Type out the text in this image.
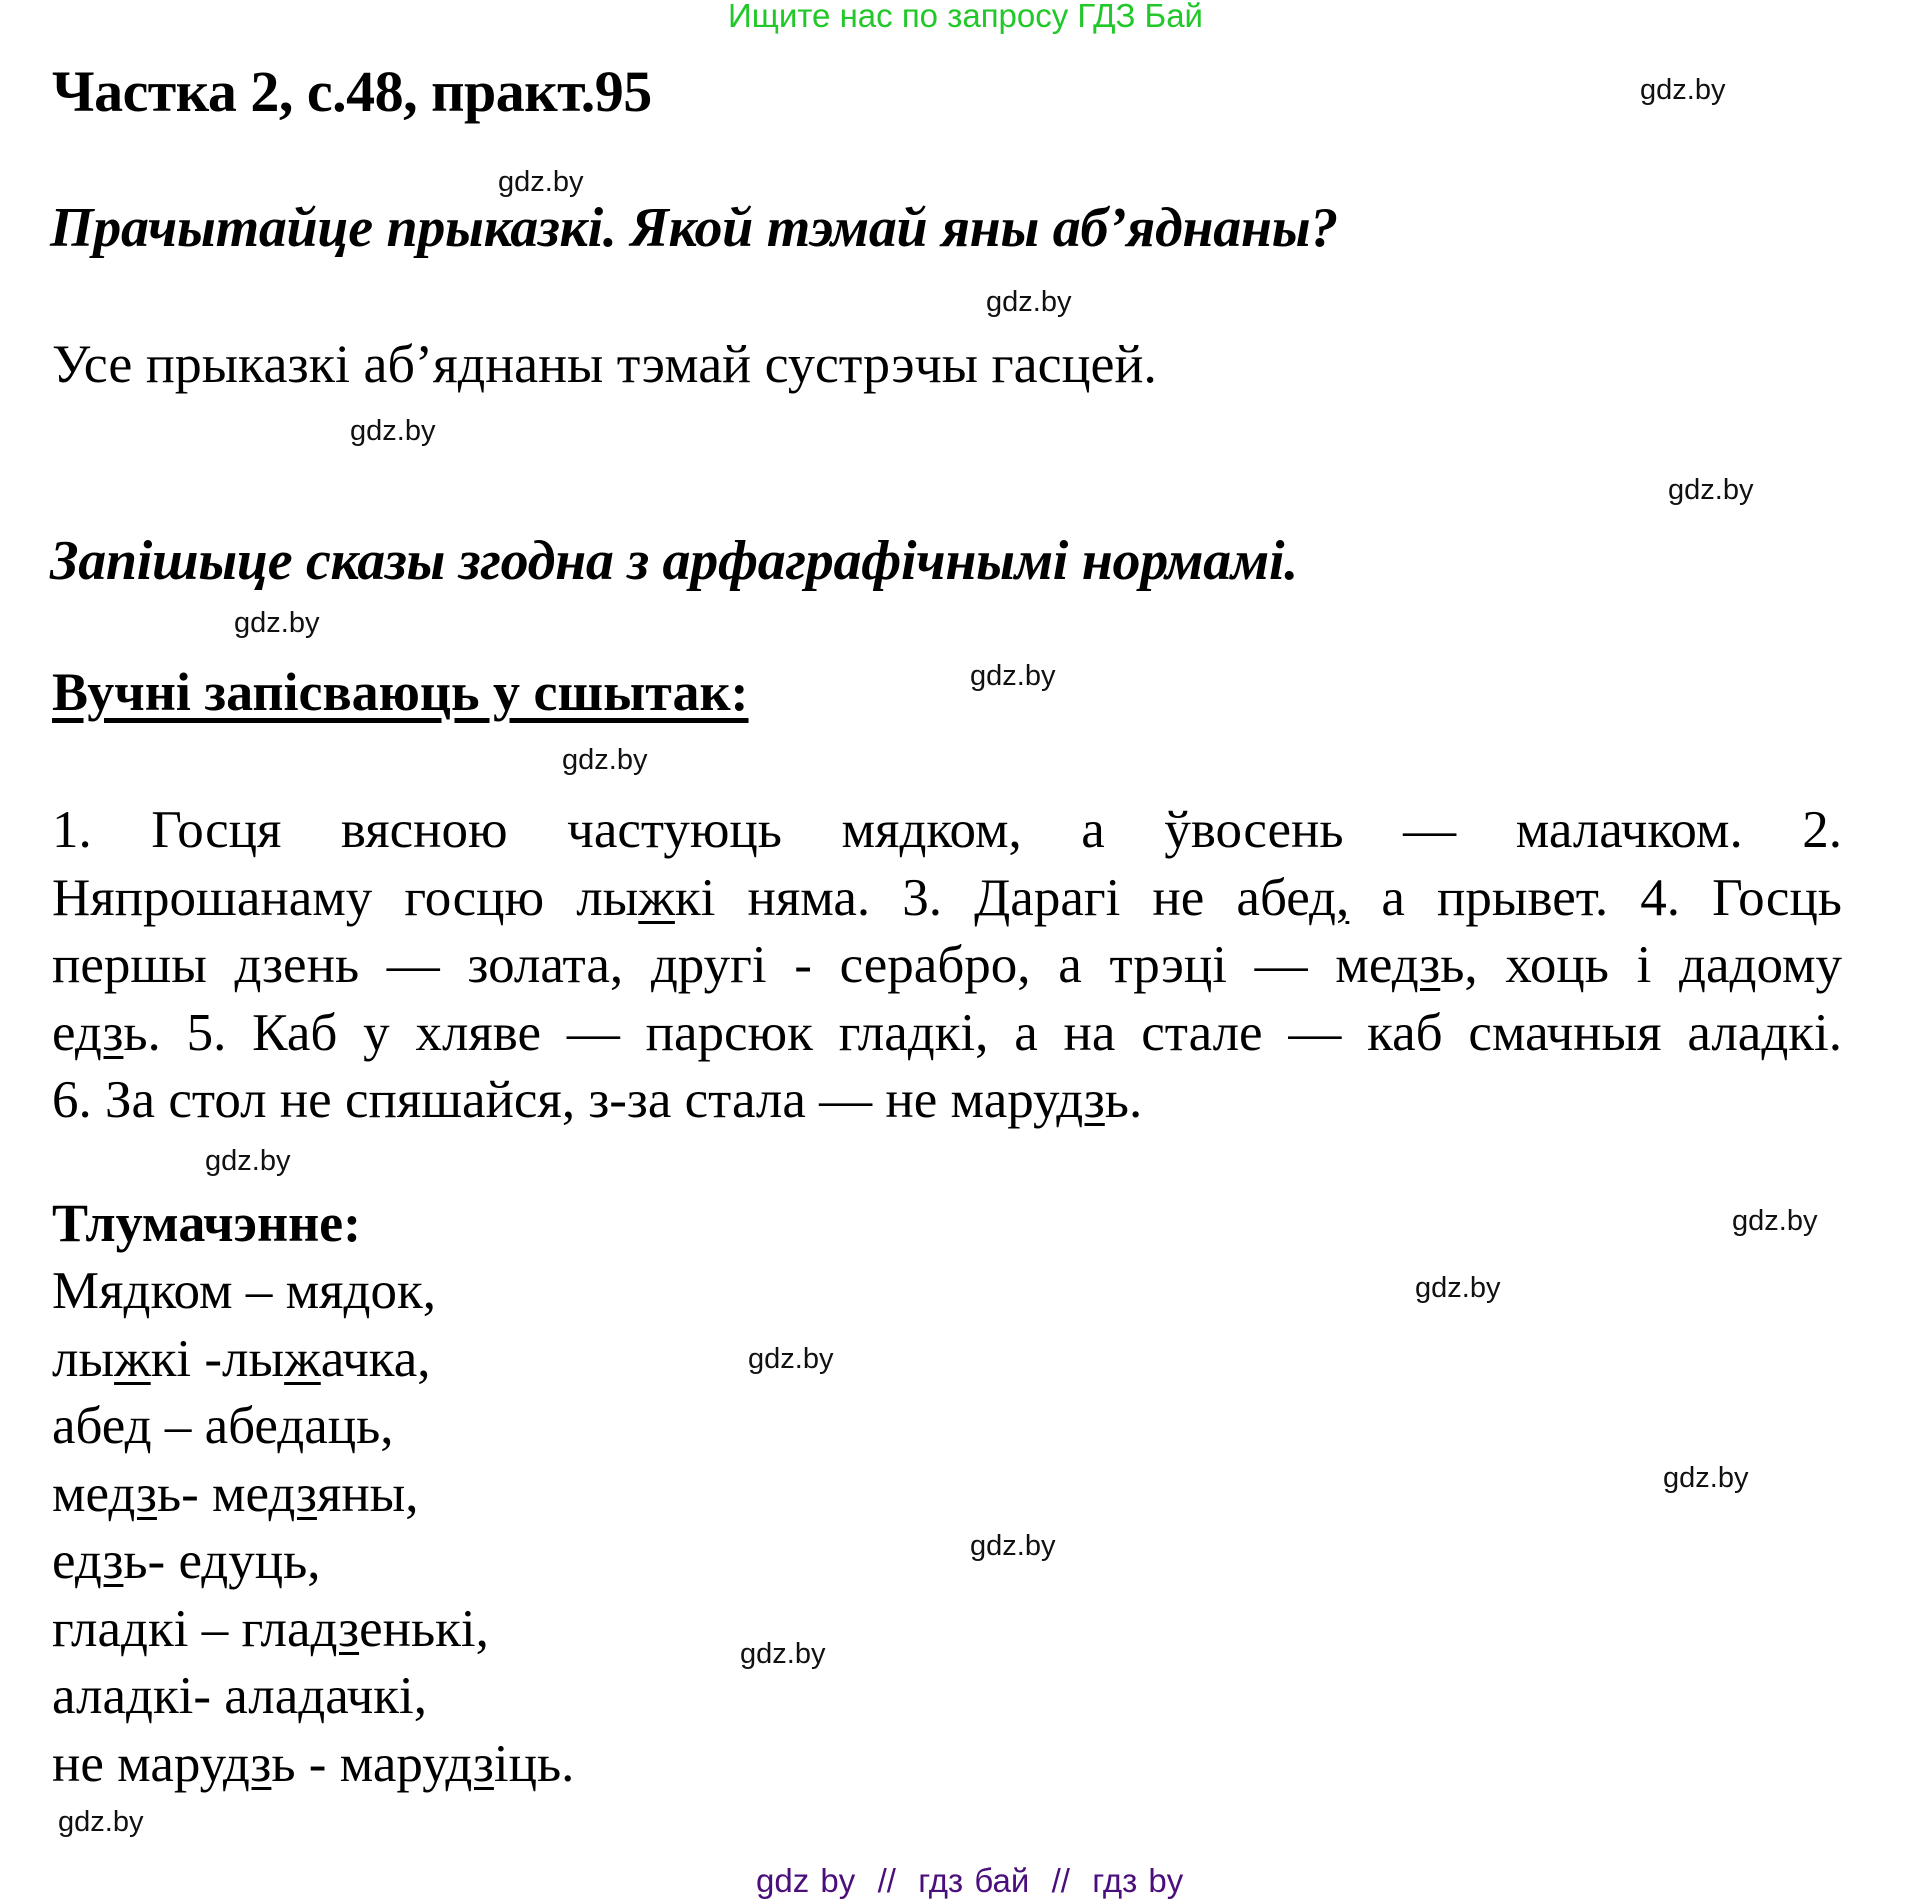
Ищите нас по запросу ГДЗ Бай
Частка 2, с.48, практ.95
Прачытайце прыказкі. Якой тэмай яны аб’яднаны?
Усе прыказкі аб’яднаны тэмай сустрэчы гасцей.
Запішыце сказы згодна з арфаграфічнымі нормамі.
Вучні запісваюць у сшытак:
1. Госця вясною частуюць мядком, а ўвосень — малачком. 2.
Няпрошанаму госцю лыжкі няма. 3. Дарагі не абед, а прывет. 4. Госць
першы дзень — золата, другі - серабро, а трэці — медзь, хоць і дадому
едзь. 5. Каб у хляве — парсюк гладкі, а на стале — каб смачныя аладкі.
6. За стол не спяшайся, з-за стала — не марудзь.
Тлумачэнне:
Мядком – мядок,
лыжкі -лыжачка,
абед – абедаць,
медзь- медзяны,
едзь- едуць,
гладкі – гладзенькі,
аладкі- аладачкі,
не марудзь - марудзіць.
gdz.by
gdz.by
gdz.by
gdz.by
gdz.by
gdz.by
gdz.by
gdz.by
gdz.by
gdz.by
gdz.by
gdz.by
gdz.by
gdz.by
gdz.by
gdz.by
gdz by  //  гдз бай  //  гдз by
